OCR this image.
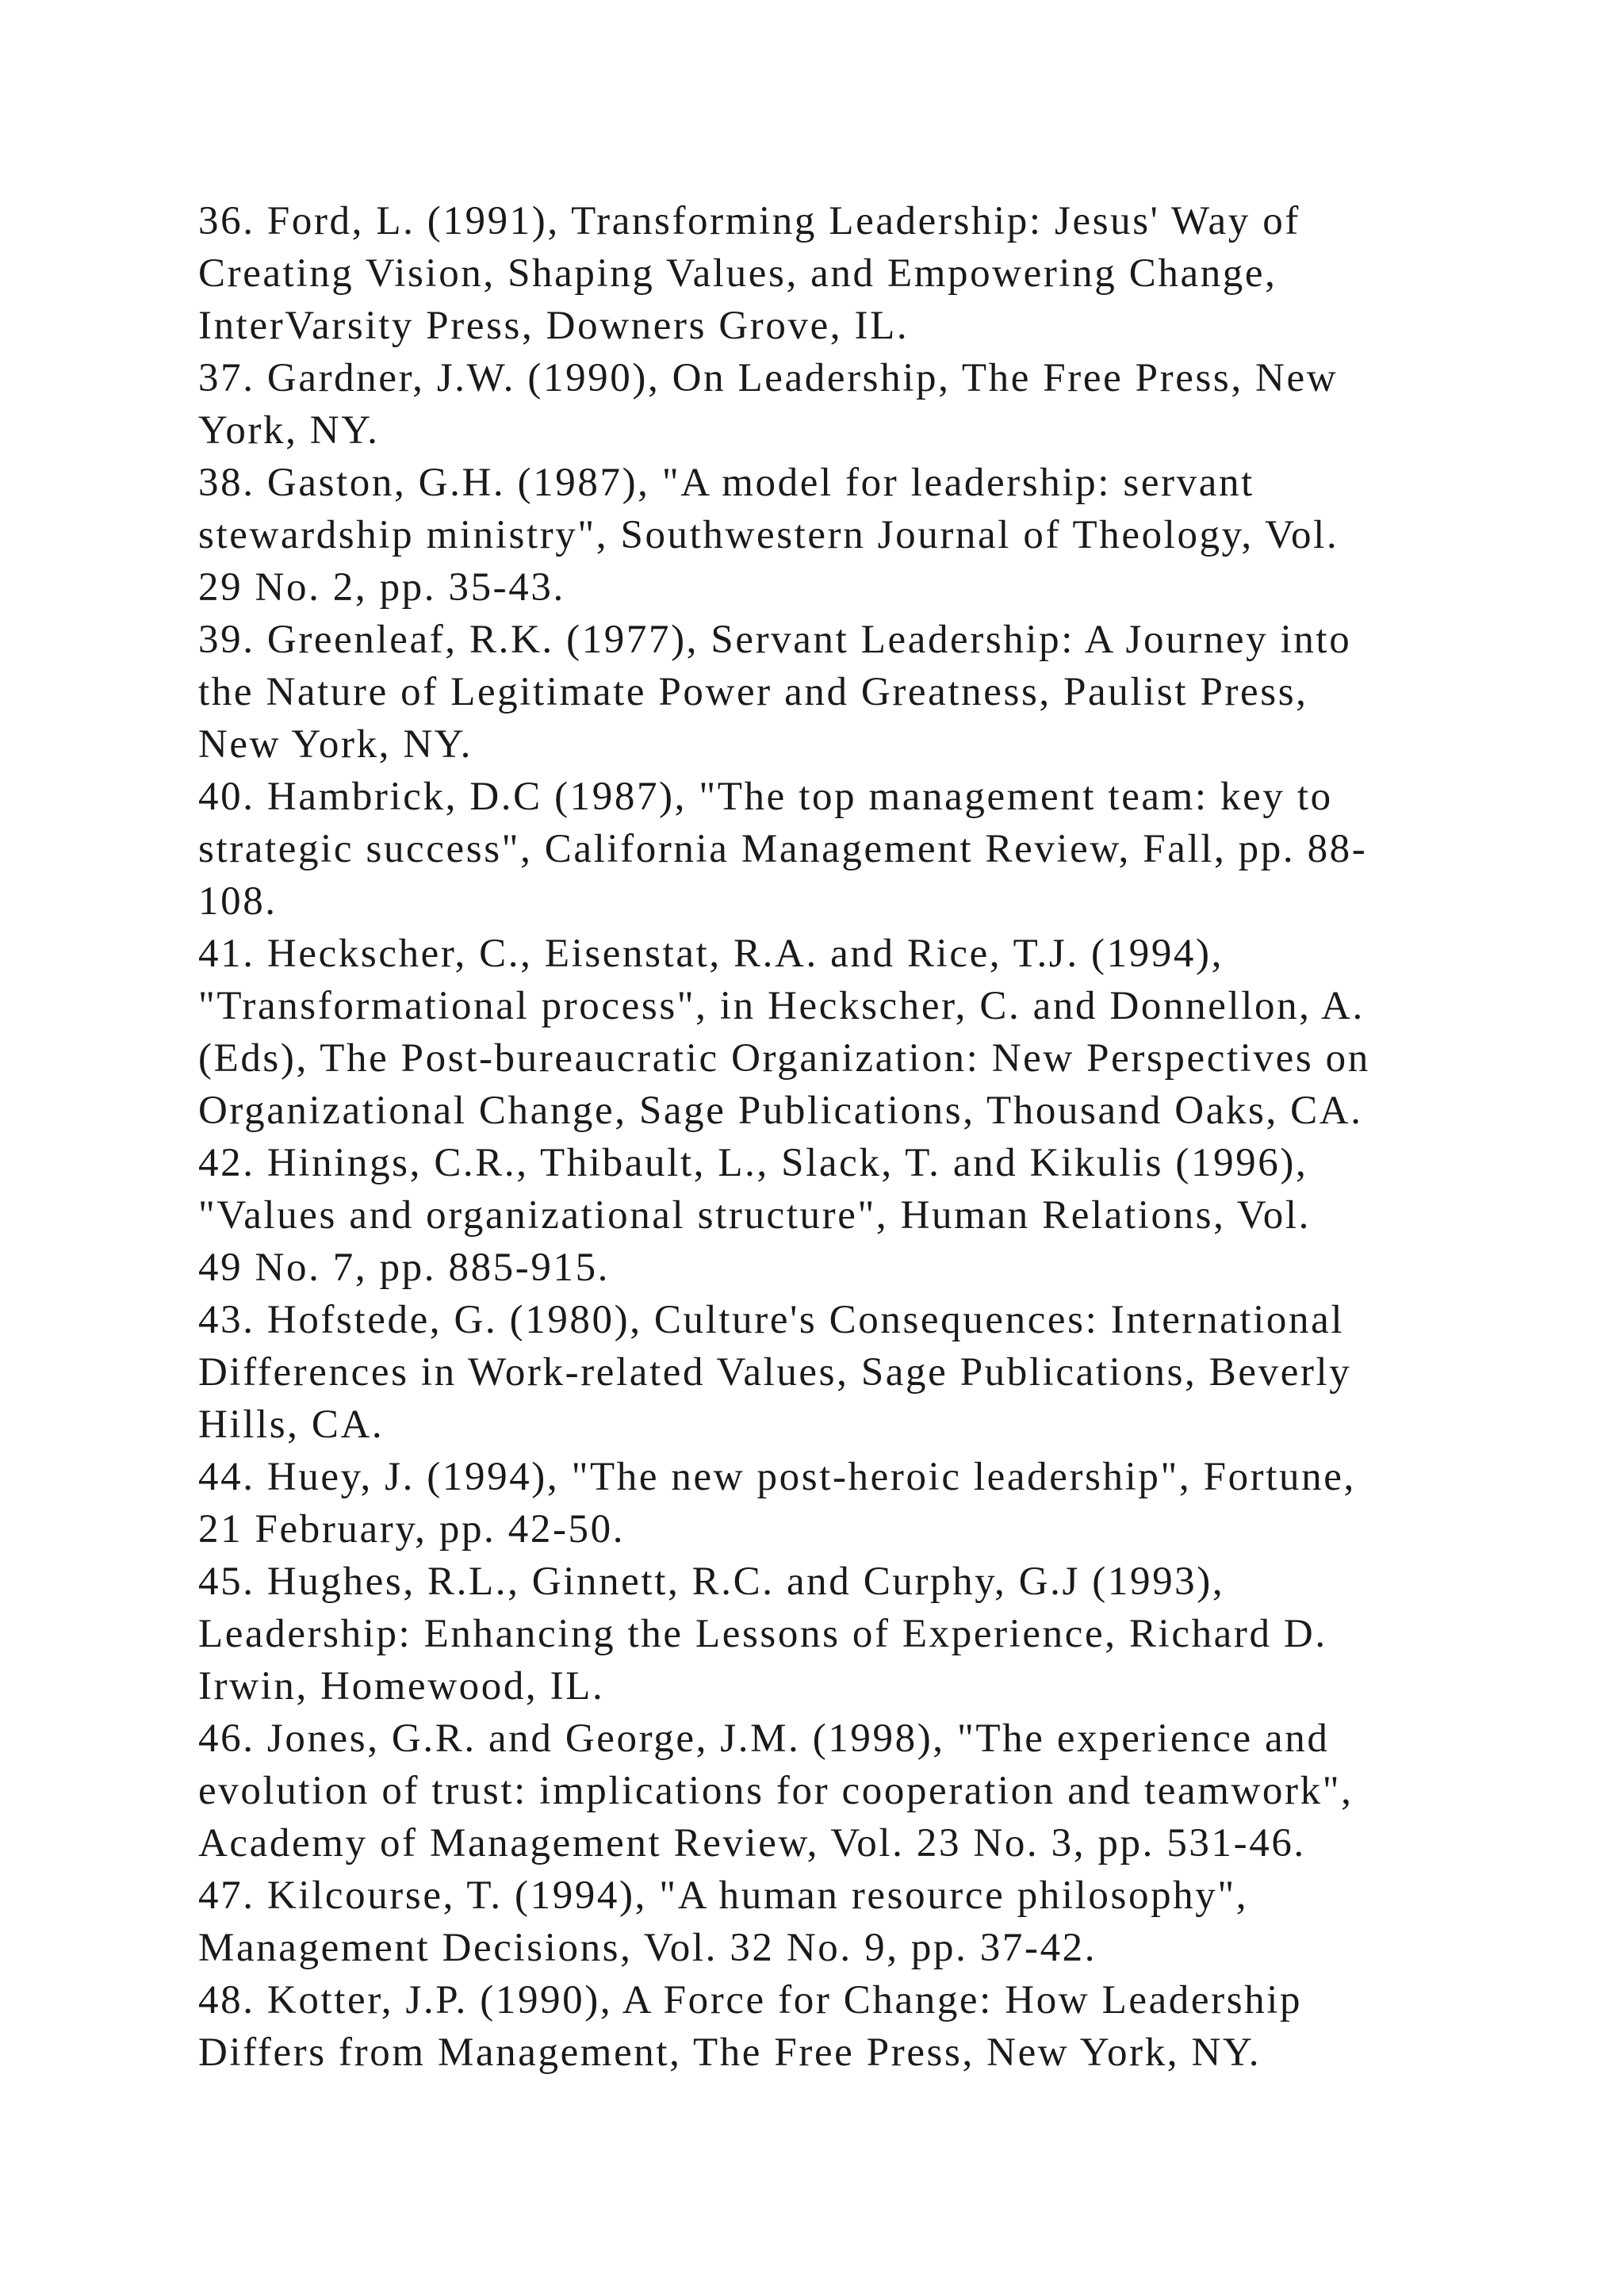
36. Ford, L. (1991), Transforming Leadership: Jesus' Way of
Creating Vision, Shaping Values, and Empowering Change,
InterVarsity Press, Downers Grove, IL.
37. Gardner, J.W. (1990), On Leadership, The Free Press, New
York, NY.
38. Gaston, G.H. (1987), "A model for leadership: servant
stewardship ministry", Southwestern Journal of Theology, Vol.
29 No. 2, pp. 35-43.
39. Greenleaf, R.K. (1977), Servant Leadership: A Journey into
the Nature of Legitimate Power and Greatness, Paulist Press,
New York, NY.
40. Hambrick, D.C (1987), "The top management team: key to
strategic success", California Management Review, Fall, pp. 88-
108.
41. Heckscher, C., Eisenstat, R.A. and Rice, T.J. (1994),
"Transformational process", in Heckscher, C. and Donnellon, A.
(Eds), The Post-bureaucratic Organization: New Perspectives on
Organizational Change, Sage Publications, Thousand Oaks, CA.
42. Hinings, C.R., Thibault, L., Slack, T. and Kikulis (1996),
"Values and organizational structure", Human Relations, Vol.
49 No. 7, pp. 885-915.
43. Hofstede, G. (1980), Culture's Consequences: International
Differences in Work-related Values, Sage Publications, Beverly
Hills, CA.
44. Huey, J. (1994), "The new post-heroic leadership", Fortune,
21 February, pp. 42-50.
45. Hughes, R.L., Ginnett, R.C. and Curphy, G.J (1993),
Leadership: Enhancing the Lessons of Experience, Richard D.
Irwin, Homewood, IL.
46. Jones, G.R. and George, J.M. (1998), "The experience and
evolution of trust: implications for cooperation and teamwork",
Academy of Management Review, Vol. 23 No. 3, pp. 531-46.
47. Kilcourse, T. (1994), "A human resource philosophy",
Management Decisions, Vol. 32 No. 9, pp. 37-42.
48. Kotter, J.P. (1990), A Force for Change: How Leadership
Differs from Management, The Free Press, New York, NY.
